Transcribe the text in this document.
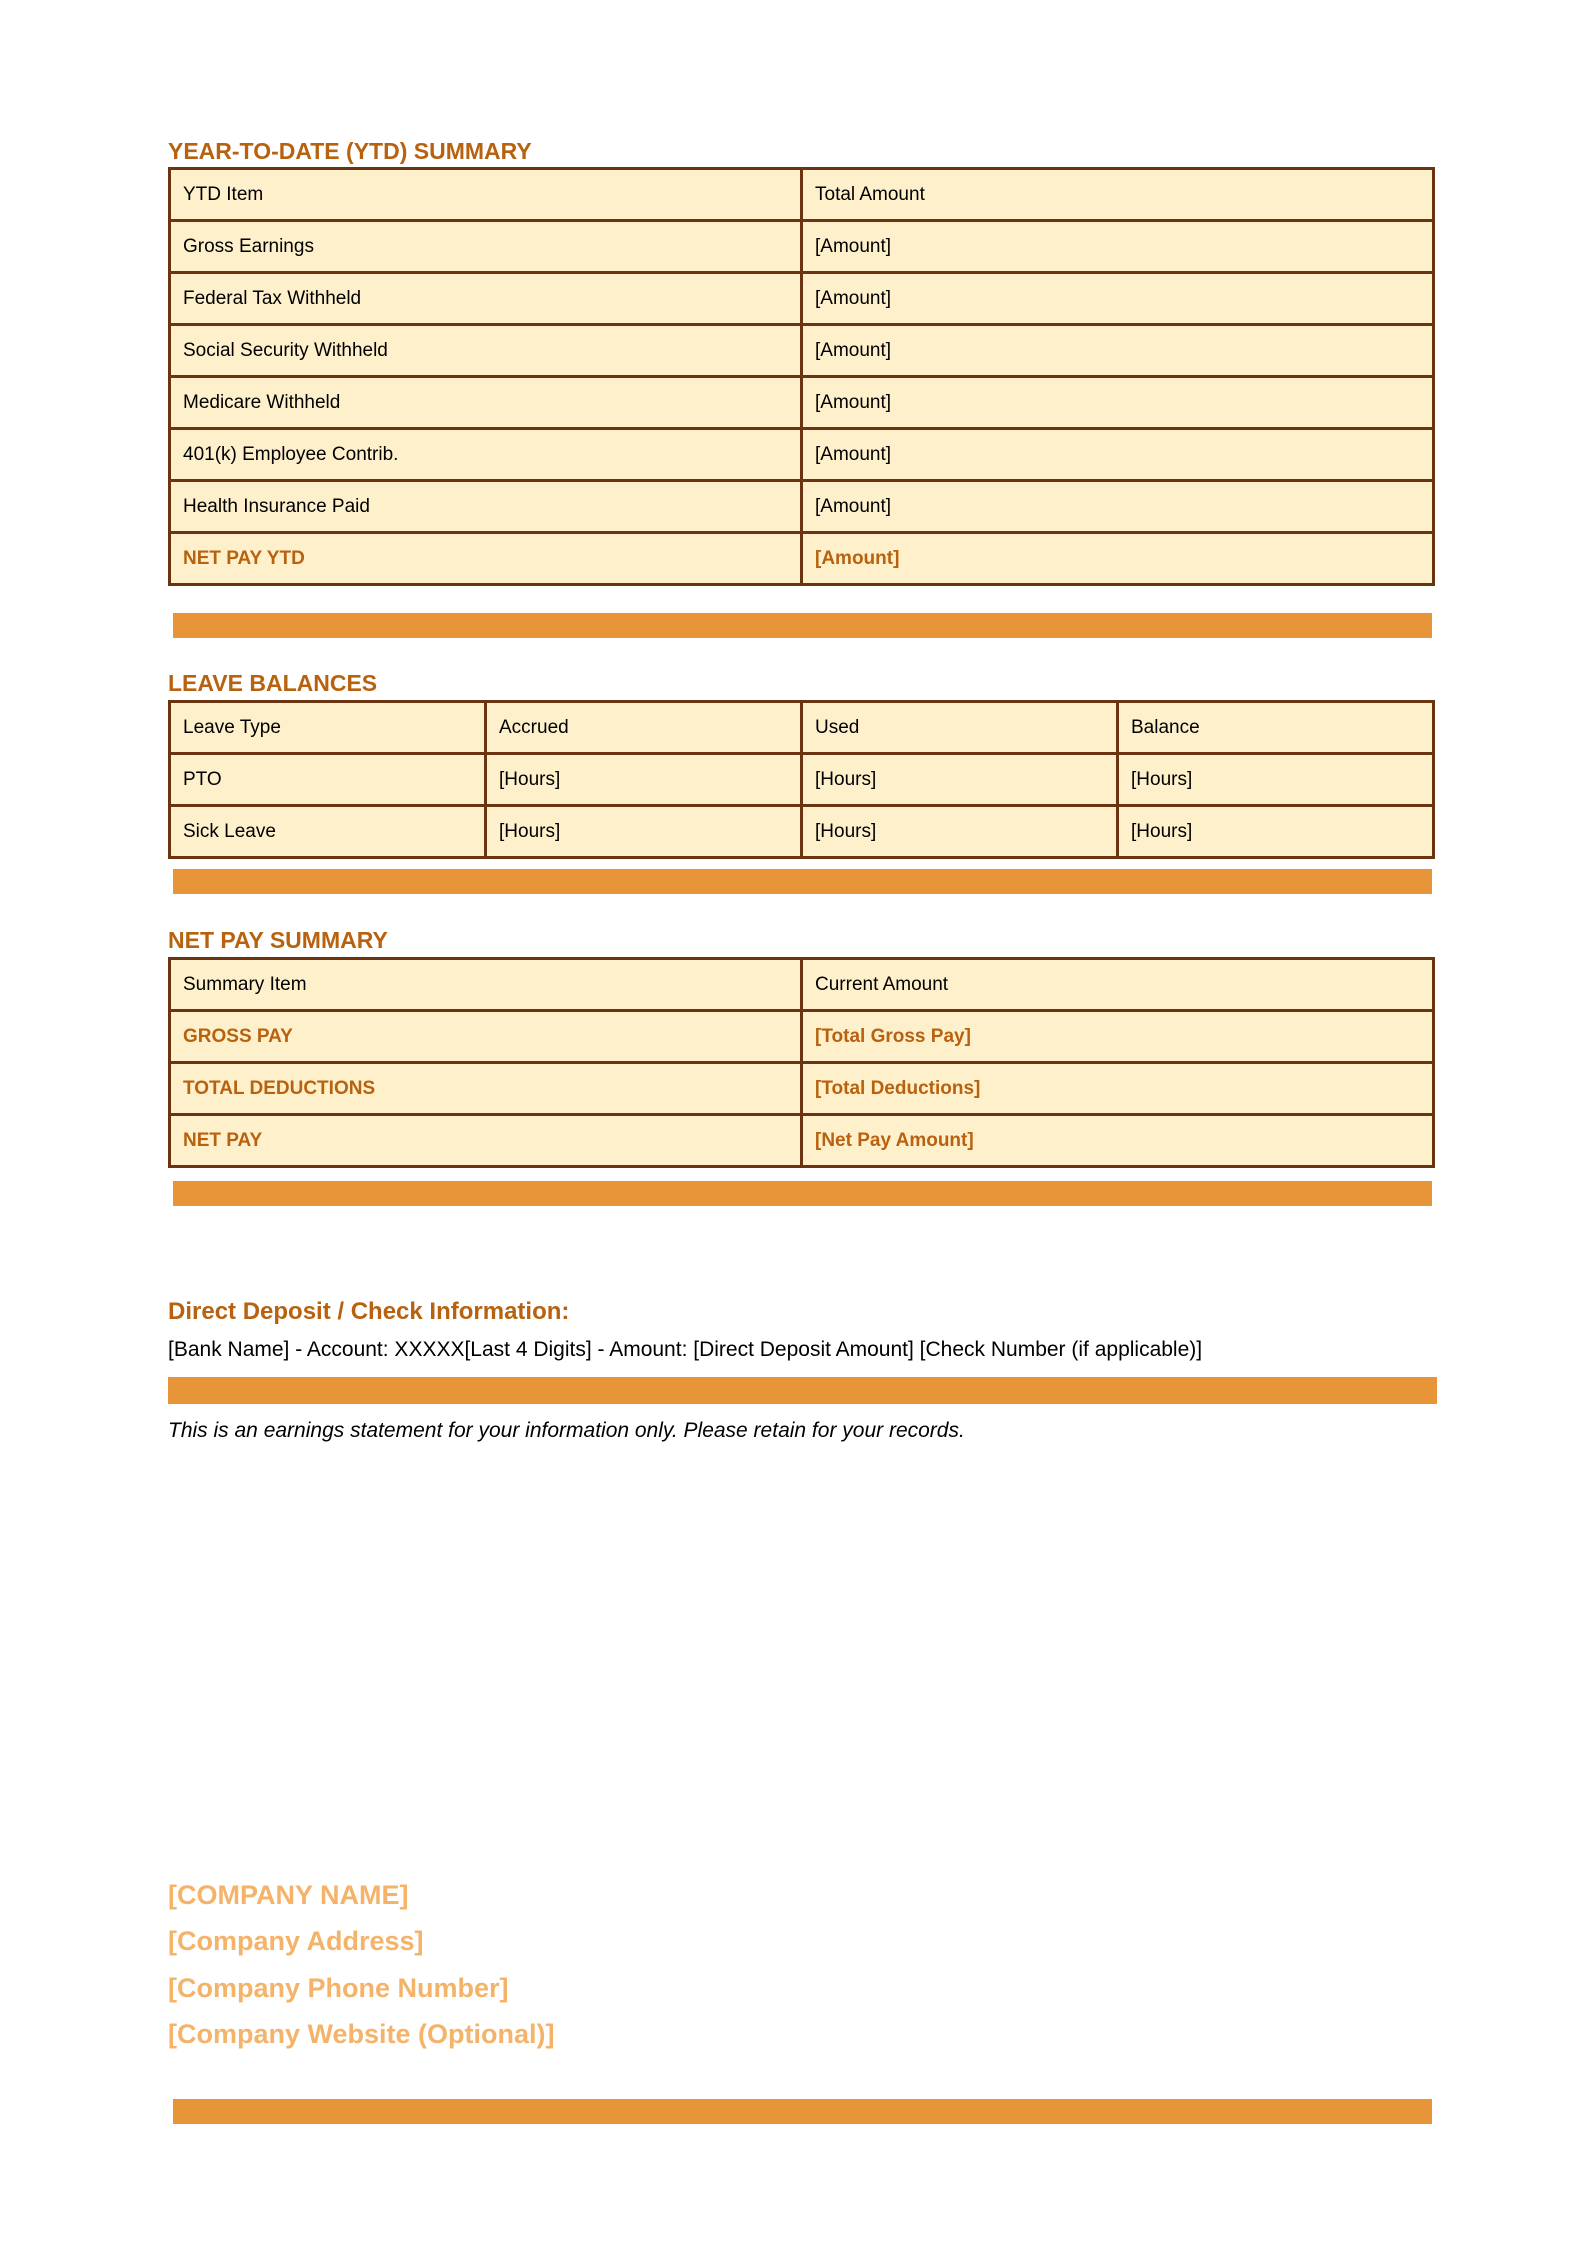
YEAR-TO-DATE (YTD) SUMMARY
YTD Item	Total Amount
Gross Earnings	[Amount]
Federal Tax Withheld	[Amount]
Social Security Withheld	[Amount]
Medicare Withheld	[Amount]
401(k) Employee Contrib.	[Amount]
Health Insurance Paid	[Amount]
NET PAY YTD	[Amount]
LEAVE BALANCES
Leave Type	Accrued	Used	Balance
PTO	[Hours]	[Hours]	[Hours]
Sick Leave	[Hours]	[Hours]	[Hours]
NET PAY SUMMARY
Summary Item	Current Amount
GROSS PAY	[Total Gross Pay]
TOTAL DEDUCTIONS	[Total Deductions]
NET PAY	[Net Pay Amount]
Direct Deposit / Check Information:

[Bank Name] - Account: XXXXX[Last 4 Digits] - Amount: [Direct Deposit Amount] [Check Number (if applicable)]

This is an earnings statement for your information only. Please retain for your records.

[COMPANY NAME]

[Company Address]

[Company Phone Number]

[Company Website (Optional)]
